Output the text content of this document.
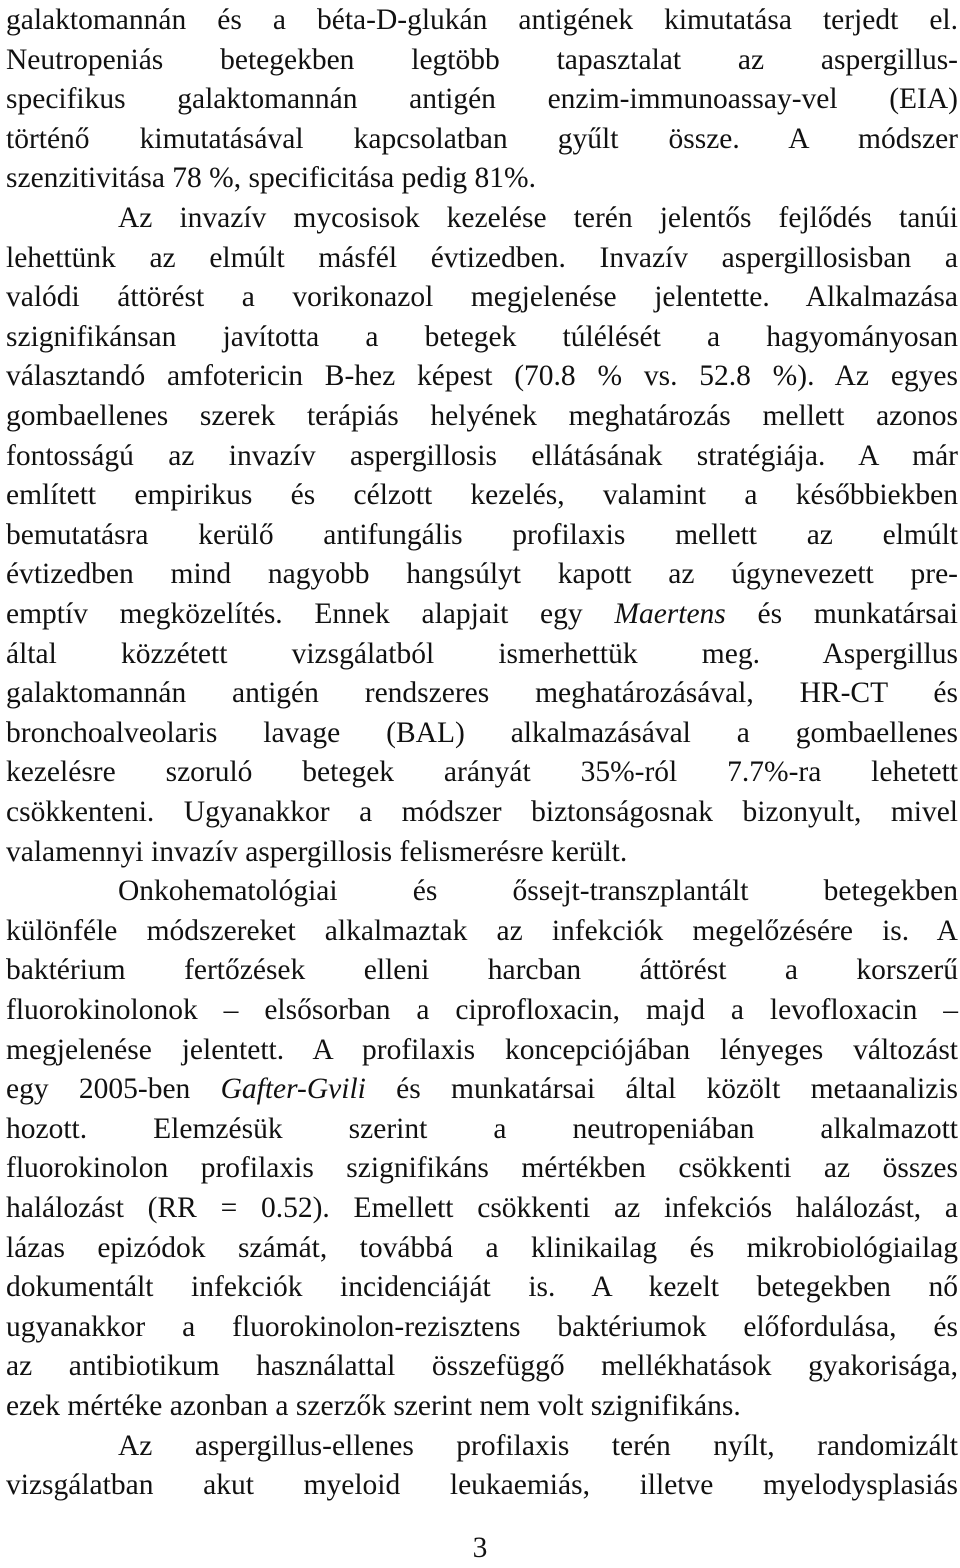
galaktomannán és a béta-D-glukán antigének kimutatása terjedt el.
Neutropeniás betegekben legtöbb tapasztalat az aspergillus-
specifikus galaktomannán antigén enzim-immunoassay-vel (EIA)
történő kimutatásával kapcsolatban gyűlt össze. A módszer
szenzitivitása 78 %, specificitása pedig 81%.
Az invazív mycosisok kezelése terén jelentős fejlődés tanúi
lehettünk az elmúlt másfél évtizedben. Invazív aspergillosisban a
valódi áttörést a vorikonazol megjelenése jelentette. Alkalmazása
szignifikánsan javította a betegek túlélését a hagyományosan
választandó amfotericin B-hez képest (70.8 % vs. 52.8 %). Az egyes
gombaellenes szerek terápiás helyének meghatározás mellett azonos
fontosságú az invazív aspergillosis ellátásának stratégiája. A már
említett empirikus és célzott kezelés, valamint a későbbiekben
bemutatásra kerülő antifungális profilaxis mellett az elmúlt
évtizedben mind nagyobb hangsúlyt kapott az úgynevezett pre-
emptív megközelítés. Ennek alapjait egy Maertens és munkatársai
által közzétett vizsgálatból ismerhettük meg. Aspergillus
galaktomannán antigén rendszeres meghatározásával, HR-CT és
bronchoalveolaris lavage (BAL) alkalmazásával a gombaellenes
kezelésre szoruló betegek arányát 35%-ról 7.7%-ra lehetett
csökkenteni. Ugyanakkor a módszer biztonságosnak bizonyult, mivel
valamennyi invazív aspergillosis felismerésre került.
Onkohematológiai és őssejt-transzplantált betegekben
különféle módszereket alkalmaztak az infekciók megelőzésére is. A
baktérium fertőzések elleni harcban áttörést a korszerű
fluorokinolonok – elsősorban a ciprofloxacin, majd a levofloxacin –
megjelenése jelentett. A profilaxis koncepciójában lényeges változást
egy 2005-ben Gafter-Gvili és munkatársai által közölt metaanalizis
hozott. Elemzésük szerint a neutropeniában alkalmazott
fluorokinolon profilaxis szignifikáns mértékben csökkenti az összes
halálozást (RR = 0.52). Emellett csökkenti az infekciós halálozást, a
lázas epizódok számát, továbbá a klinikailag és mikrobiológiailag
dokumentált infekciók incidenciáját is. A kezelt betegekben nő
ugyanakkor a fluorokinolon-rezisztens baktériumok előfordulása, és
az antibiotikum használattal összefüggő mellékhatások gyakorisága,
ezek mértéke azonban a szerzők szerint nem volt szignifikáns.
Az aspergillus-ellenes profilaxis terén nyílt, randomizált
vizsgálatban akut myeloid leukaemiás, illetve myelodysplasiás
3
